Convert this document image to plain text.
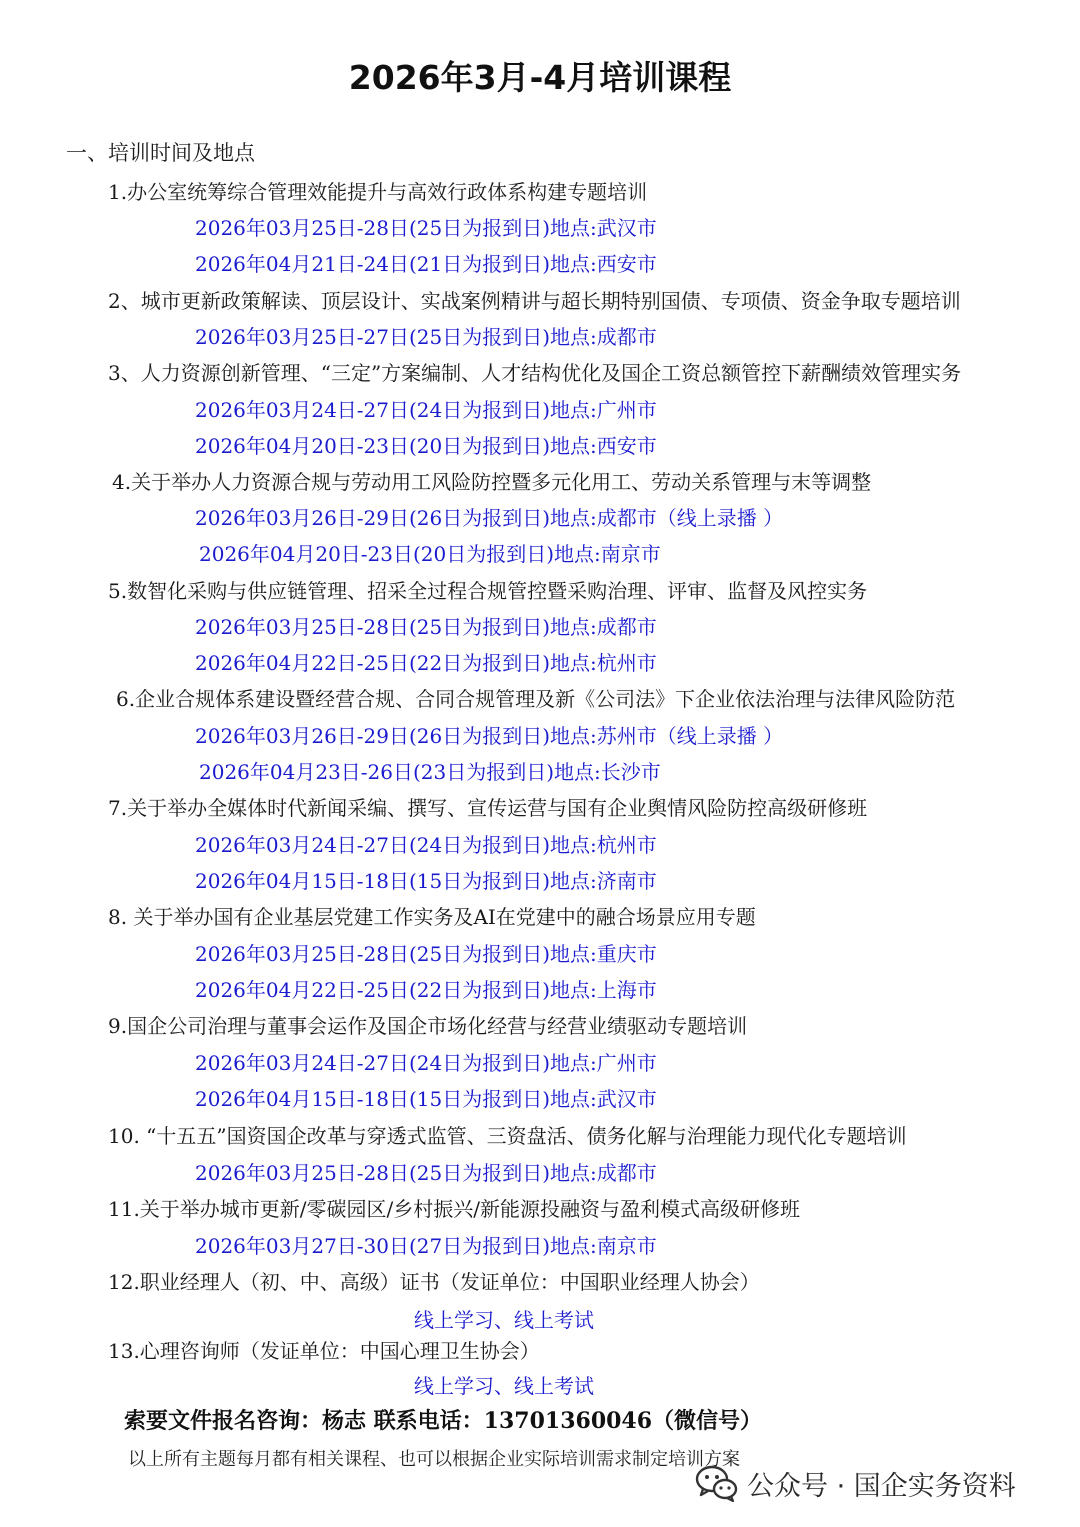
2026年3月-4月培训课程
一、培训时间及地点
1.办公室统筹综合管理效能提升与高效行政体系构建专题培训
2026年03月25日-28日(25日为报到日)地点:武汉市
2026年04月21日-24日(21日为报到日)地点:西安市
2、城市更新政策解读、顶层设计、实战案例精讲与超长期特别国债、专项债、资金争取专题培训
2026年03月25日-27日(25日为报到日)地点:成都市
3、人力资源创新管理、“三定”方案编制、人才结构优化及国企工资总额管控下薪酬绩效管理实务
2026年03月24日-27日(24日为报到日)地点:广州市
2026年04月20日-23日(20日为报到日)地点:西安市
4.关于举办人力资源合规与劳动用工风险防控暨多元化用工、劳动关系管理与末等调整
2026年03月26日-29日(26日为报到日)地点:成都市（线上录播 ）
2026年04月20日-23日(20日为报到日)地点:南京市
5.数智化采购与供应链管理、招采全过程合规管控暨采购治理、评审、监督及风控实务
2026年03月25日-28日(25日为报到日)地点:成都市
2026年04月22日-25日(22日为报到日)地点:杭州市
6.企业合规体系建设暨经营合规、合同合规管理及新《公司法》下企业依法治理与法律风险防范
2026年03月26日-29日(26日为报到日)地点:苏州市（线上录播 ）
2026年04月23日-26日(23日为报到日)地点:长沙市
7.关于举办全媒体时代新闻采编、撰写、宣传运营与国有企业舆情风险防控高级研修班
2026年03月24日-27日(24日为报到日)地点:杭州市
2026年04月15日-18日(15日为报到日)地点:济南市
8. 关于举办国有企业基层党建工作实务及AI在党建中的融合场景应用专题
2026年03月25日-28日(25日为报到日)地点:重庆市
2026年04月22日-25日(22日为报到日)地点:上海市
9.国企公司治理与董事会运作及国企市场化经营与经营业绩驱动专题培训
2026年03月24日-27日(24日为报到日)地点:广州市
2026年04月15日-18日(15日为报到日)地点:武汉市
10. “十五五”国资国企改革与穿透式监管、三资盘活、债务化解与治理能力现代化专题培训
2026年03月25日-28日(25日为报到日)地点:成都市
11.关于举办城市更新/零碳园区/乡村振兴/新能源投融资与盈利模式高级研修班
2026年03月27日-30日(27日为报到日)地点:南京市
12.职业经理人（初、中、高级）证书（发证单位：中国职业经理人协会）
线上学习、线上考试
13.心理咨询师（发证单位：中国心理卫生协会）
线上学习、线上考试
索要文件报名咨询：杨志 联系电话：13701360046（微信号）
以上所有主题每月都有相关课程、也可以根据企业实际培训需求制定培训方案
公众号 · 国企实务资料
